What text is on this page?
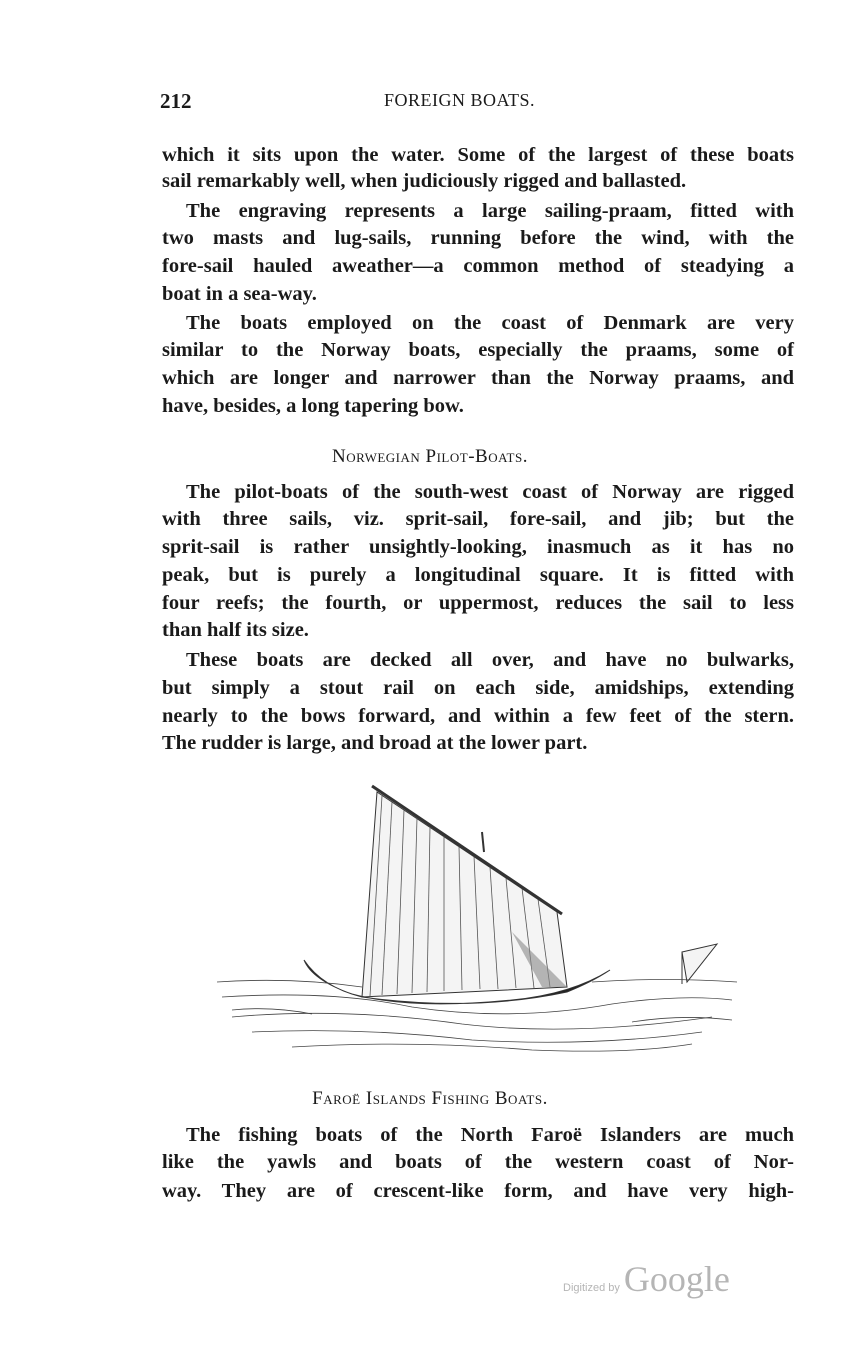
212	FOREIGN BOATS.
which it sits upon the water. Some of the largest of these boats
sail remarkably well, when judiciously rigged and ballasted.
The engraving represents a large sailing-praam, fitted with
two masts and lug-sails, running before the wind, with the
fore-sail hauled aweather—a common method of steadying a
boat in a sea-way.
The boats employed on the coast of Denmark are very
similar to the Norway boats, especially the praams, some of
which are longer and narrower than the Norway praams, and
have, besides, a long tapering bow.
Norwegian Pilot-Boats.
The pilot-boats of the south-west coast of Norway are rigged
with three sails, viz. sprit-sail, fore-sail, and jib; but the
sprit-sail is rather unsightly-looking, inasmuch as it has no
peak, but is purely a longitudinal square. It is fitted with
four reefs; the fourth, or uppermost, reduces the sail to less
than half its size.
These boats are decked all over, and have no bulwarks,
but simply a stout rail on each side, amidships, extending
nearly to the bows forward, and within a few feet of the stern.
The rudder is large, and broad at the lower part.
Faroë Islands Fishing Boats.
The fishing boats of the North Faroë Islanders are much
like the yawls and boats of the western coast of Nor-
way. They are of crescent-like form, and have very high-
Digitized by Google
